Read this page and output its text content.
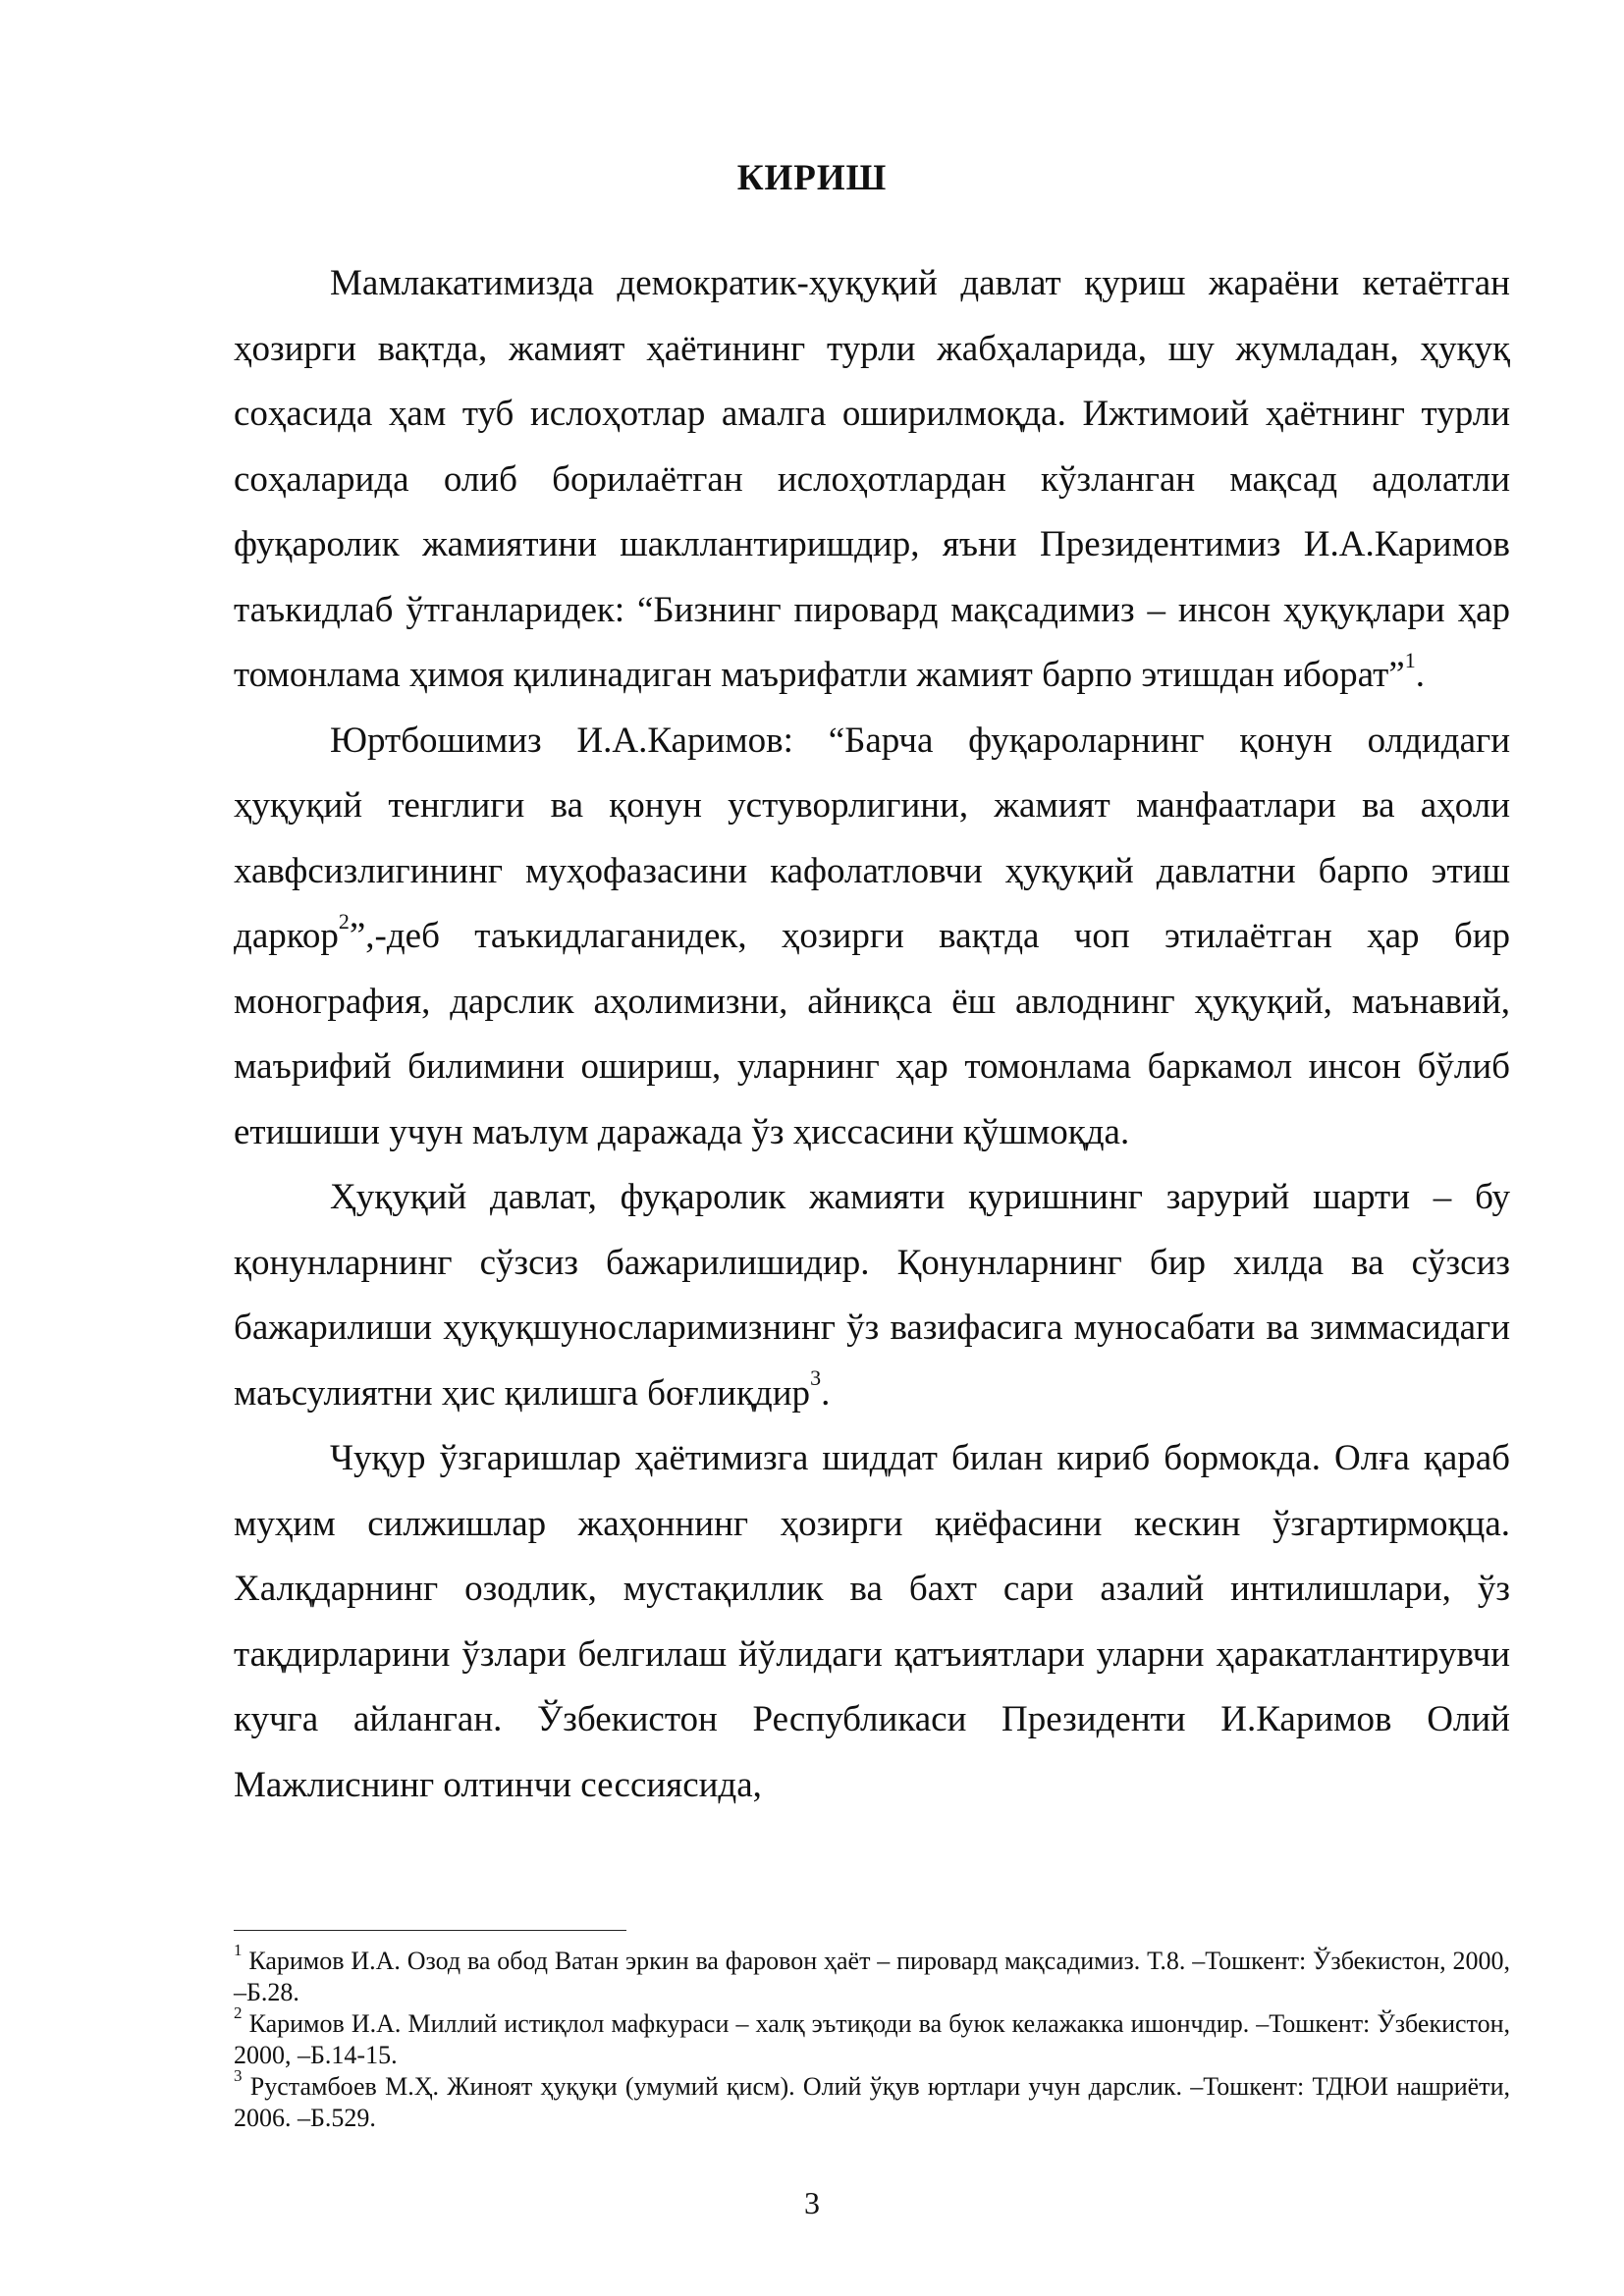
КИРИШ

Мамлакатимизда демократик-ҳуқуқий давлат қуриш жараёни кетаётган ҳозирги вақтда, жамият ҳаётининг турли жабҳаларида, шу жумладан, ҳуқуқ соҳасида ҳам туб ислоҳотлар амалга оширилмоқда. Ижтимоий ҳаётнинг турли соҳаларида олиб борилаётган ислоҳотлардан кўзланган мақсад адолатли фуқаролик жамиятини шакллантиришдир, яъни Президентимиз И.А.Каримов таъкидлаб ўтганларидек: “Бизнинг пировард мақсадимиз – инсон ҳуқуқлари ҳар томонлама ҳимоя қилинадиган маърифатли жамият барпо этишдан иборат”$^1$.

Юртбошимиз И.А.Каримов: “Барча фуқароларнинг қонун олдидаги ҳуқуқий тенглиги ва қонун устуворлигини, жамият манфаатлари ва аҳоли хавфсизлигининг муҳофазасини кафолатловчи ҳуқуқий давлатни барпо этиш даркор$^2$”,-деб таъкидлаганидек, ҳозирги вақтда чоп этилаётган ҳар бир монография, дарслик аҳолимизни, айниқса ёш авлоднинг ҳуқуқий, маънавий, маърифий билимини ошириш, уларнинг ҳар томонлама баркамол инсон бўлиб етишиши учун маълум даражада ўз ҳиссасини қўшмоқда.

Ҳуқуқий давлат, фуқаролик жамияти қуришнинг зарурий шарти – бу қонунларнинг сўзсиз бажарилишидир. Қонунларнинг бир хилда ва сўзсиз бажарилиши ҳуқуқшуносларимизнинг ўз вазифасига муносабати ва зиммасидаги маъсулиятни ҳис қилишга боғлиқдир$^3$.

Чуқур ўзгаришлар ҳаётимизга шиддат билан кириб бормокда. Олға қараб муҳим силжишлар жаҳоннинг ҳозирги қиёфасини кескин ўзгартирмоқца. Халқдарнинг озодлик, мустақиллик ва бахт сари азалий интилишлари, ўз тақдирларини ўзлари белгилаш йўлидаги қатъиятлари уларни ҳаракатлантирувчи кучга айланган. Ўзбекистон Республикаси Президенти И.Каримов Олий Мажлиснинг олтинчи сессиясида,

$^1$ Каримов И.А. Озод ва обод Ватан эркин ва фаровон ҳаёт – пировард мақсадимиз. Т.8. –Тошкент: Ўзбекистон, 2000, –Б.28.

$^2$ Каримов И.А. Миллий истиқлол мафкураси – халқ эътиқоди ва буюк келажакка ишончдир. –Тошкент: Ўзбекистон, 2000, –Б.14-15.

$^3$ Рустамбоев М.Ҳ. Жиноят ҳуқуқи (умумий қисм). Олий ўқув юртлари учун дарслик. –Тошкент: ТДЮИ нашриёти, 2006. –Б.529.

3
